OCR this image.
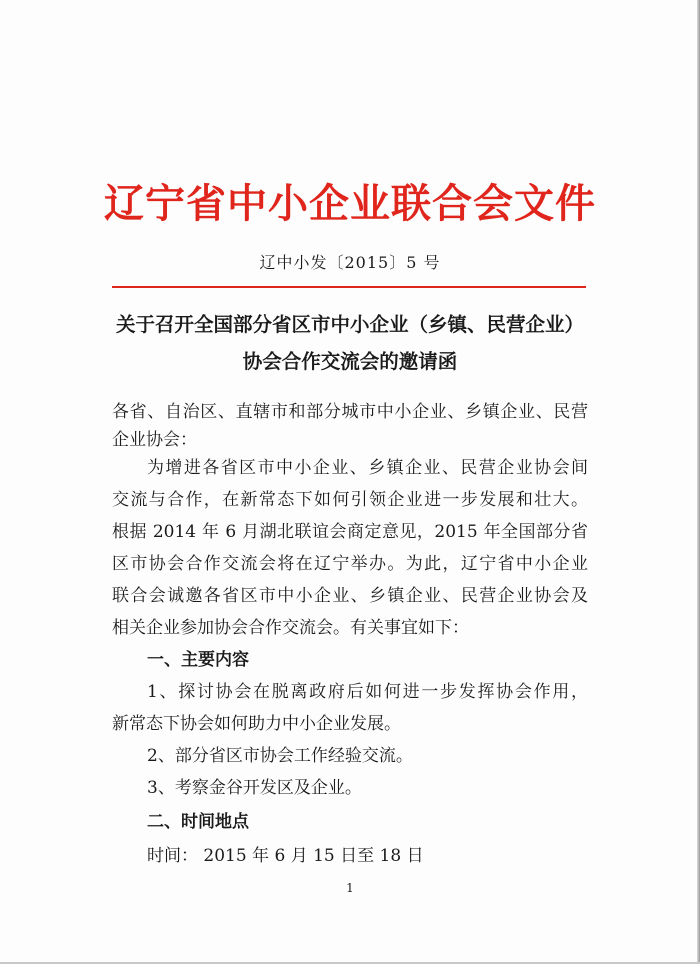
辽宁省中小企业联合会文件
辽中小发〔2015〕5 号
关于召开全国部分省区市中小企业（乡镇、民营企业）
协会合作交流会的邀请函
各省、自治区、直辖市和部分城市中小企业、乡镇企业、民营
企业协会：
为增进各省区市中小企业、乡镇企业、民营企业协会间
交流与合作，在新常态下如何引领企业进一步发展和壮大。
根据 2014 年 6 月湖北联谊会商定意见，2015 年全国部分省
区市协会合作交流会将在辽宁举办。为此，辽宁省中小企业
联合会诚邀各省区市中小企业、乡镇企业、民营企业协会及
相关企业参加协会合作交流会。有关事宜如下：
一、主要内容
1、探讨协会在脱离政府后如何进一步发挥协会作用，
新常态下协会如何助力中小企业发展。
2、部分省区市协会工作经验交流。
3、考察金谷开发区及企业。
二、时间地点
时间： 2015 年 6 月 15 日至 18 日
1
